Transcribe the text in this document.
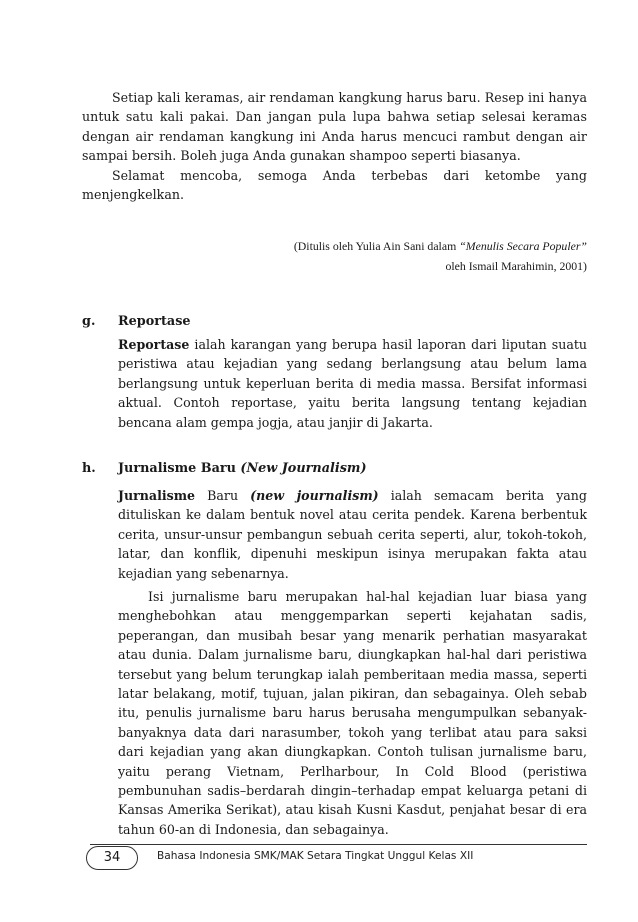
Setiap kali keramas, air rendaman kangkung harus baru. Resep ini hanya untuk satu kali pakai. Dan jangan pula lupa bahwa setiap selesai keramas dengan air rendaman kangkung ini Anda harus mencuci rambut dengan air sampai bersih. Boleh juga Anda gunakan shampoo seperti biasanya.

Selamat mencoba, semoga Anda terbebas dari ketombe yang menjengkelkan.

(Ditulis oleh Yulia Ain Sani dalam “Menulis Secara Populer”
oleh Ismail Marahimin, 2001)
g. Reportase

Reportase ialah karangan yang berupa hasil laporan dari liputan suatu peristiwa atau kejadian yang sedang berlangsung atau belum lama berlangsung untuk keperluan berita di media massa. Bersifat informasi aktual. Contoh reportase, yaitu berita langsung tentang kejadian bencana alam gempa jogja, atau janjir di Jakarta.

h. Jurnalisme Baru (New Journalism)

Jurnalisme Baru (new journalism) ialah semacam berita yang dituliskan ke dalam bentuk novel atau cerita pendek. Karena berbentuk cerita, unsur-unsur pembangun sebuah cerita seperti, alur, tokoh-tokoh, latar, dan konflik, dipenuhi meskipun isinya merupakan fakta atau kejadian yang sebenarnya.

Isi jurnalisme baru merupakan hal-hal kejadian luar biasa yang menghebohkan atau menggemparkan seperti kejahatan sadis, peperangan, dan musibah besar yang menarik perhatian masyarakat atau dunia. Dalam jurnalisme baru, diungkapkan hal-hal dari peristiwa tersebut yang belum terungkap ialah pemberitaan media massa, seperti latar belakang, motif, tujuan, jalan pikiran, dan sebagainya. Oleh sebab itu, penulis jurnalisme baru harus berusaha mengumpulkan sebanyak-banyaknya data dari narasumber, tokoh yang terlibat atau para saksi dari kejadian yang akan diungkapkan. Contoh tulisan jurnalisme baru, yaitu perang Vietnam, Perlharbour, In Cold Blood (peristiwa pembunuhan sadis–berdarah dingin–terhadap empat keluarga petani di Kansas Amerika Serikat), atau kisah Kusni Kasdut, penjahat besar di era tahun 60-an di Indonesia, dan sebagainya.

34	Bahasa Indonesia SMK/MAK Setara Tingkat Unggul Kelas XII
